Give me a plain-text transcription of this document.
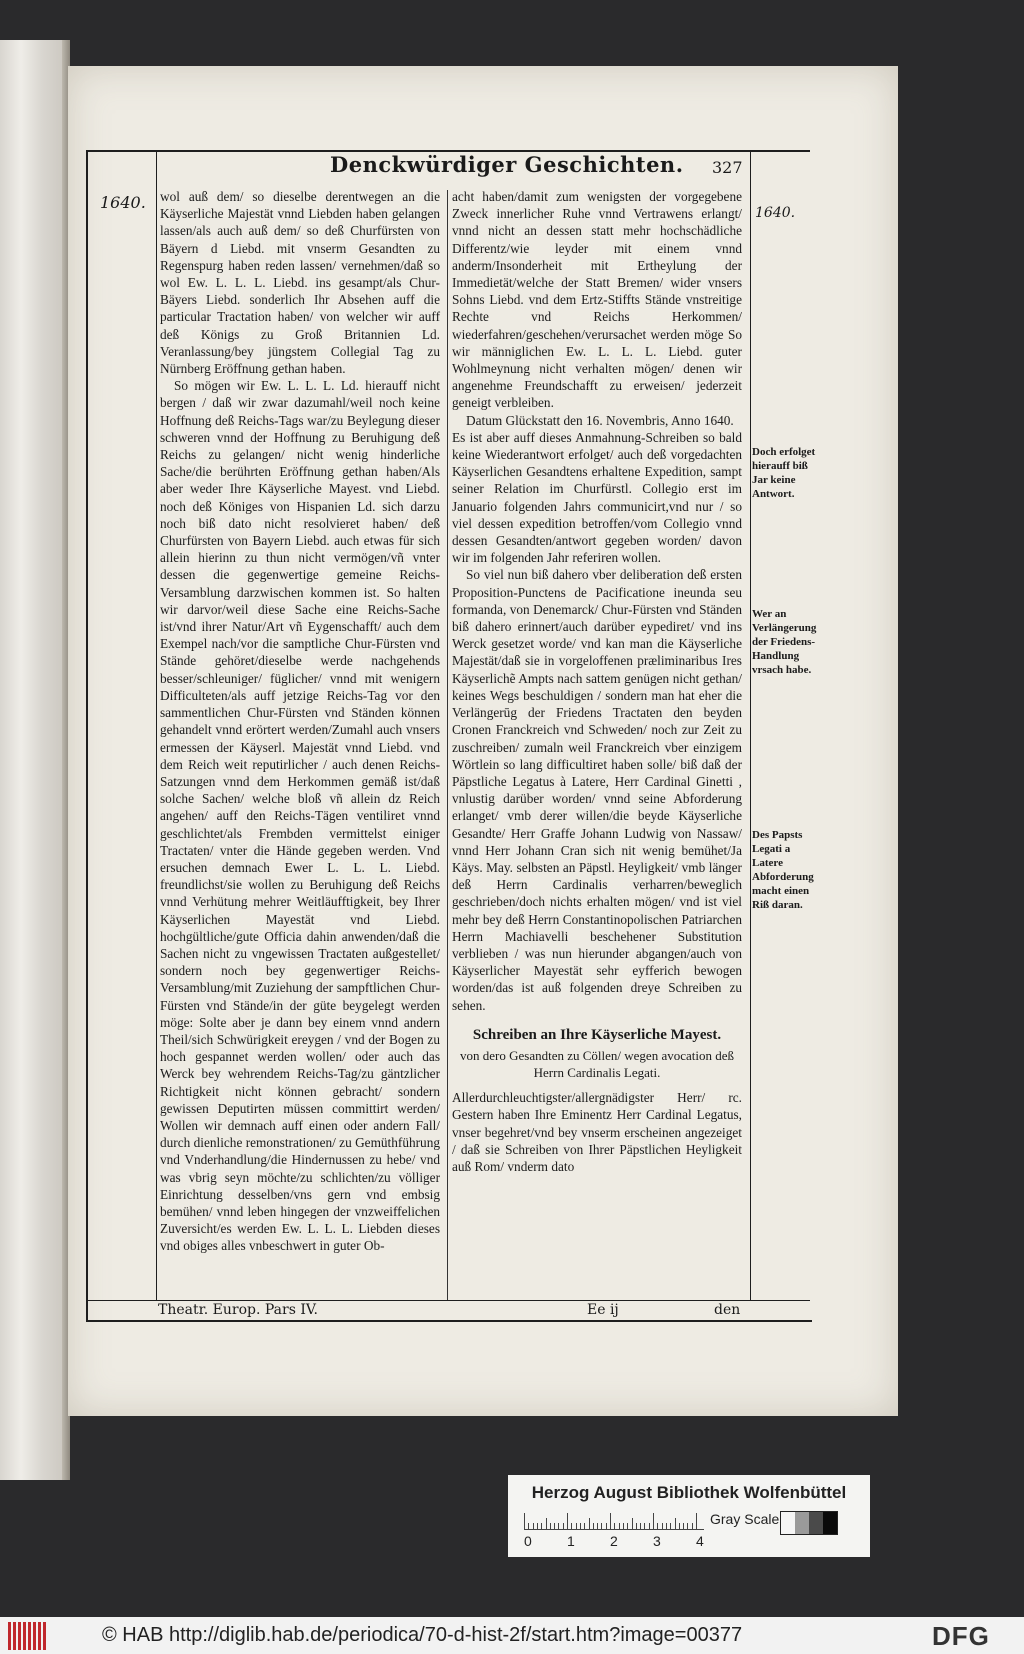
Denckwürdiger Geschichten. 327
1640.
1640.

wol auß dem/ so dieselbe derentwegen an die Käyserliche Majestät vnnd Liebden haben gelangen lassen/als auch auß dem/ so deß Churfürsten von Bäyern d Liebd. mit vnserm Gesandten zu Regenspurg haben reden lassen/ vernehmen/daß so wol Ew. L. L. L. Liebd. ins gesampt/als Chur-Bäyers Liebd. sonderlich Ihr Absehen auff die particular Tractation haben/ von welcher wir auff deß Königs zu Groß Britannien Ld. Veranlassung/bey jüngstem Collegial Tag zu Nürnberg Eröffnung gethan haben.

So mögen wir Ew. L. L. L. Ld. hierauff nicht bergen / daß wir zwar dazumahl/weil noch keine Hoffnung deß Reichs-Tags war/zu Beylegung dieser schweren vnnd der Hoffnung zu Beruhigung deß Reichs zu gelangen/ nicht wenig hinderliche Sache/die berührten Eröffnung gethan haben/Als aber weder Ihre Käyserliche Mayest. vnd Liebd. noch deß Königes von Hispanien Ld. sich darzu noch biß dato nicht resolvieret haben/ deß Churfürsten von Bayern Liebd. auch etwas für sich allein hierinn zu thun nicht vermögen/vñ vnter dessen die gegenwertige gemeine Reichs-Versamblung darzwischen kommen ist. So halten wir darvor/weil diese Sache eine Reichs-Sache ist/vnd ihrer Natur/Art vñ Eygenschafft/ auch dem Exempel nach/vor die samptliche Chur-Fürsten vnd Stände gehöret/dieselbe werde nachgehends besser/schleuniger/ füglicher/ vnnd mit wenigern Difficulteten/als auff jetzige Reichs-Tag vor den sammentlichen Chur-Fürsten vnd Ständen können gehandelt vnnd erörtert werden/Zumahl auch vnsers ermessen der Käyserl. Majestät vnnd Liebd. vnd dem Reich weit reputirlicher / auch denen Reichs-Satzungen vnnd dem Herkommen gemäß ist/daß solche Sachen/ welche bloß vñ allein dz Reich angehen/ auff den Reichs-Tägen ventiliret vnnd geschlichtet/als Frembden vermittelst einiger Tractaten/ vnter die Hände gegeben werden. Vnd ersuchen demnach Ewer L. L. L. Liebd. freundlichst/sie wollen zu Beruhigung deß Reichs vnnd Verhütung mehrer Weitläufftigkeit, bey Ihrer Käyserlichen Mayestät vnd Liebd. hochgültliche/gute Officia dahin anwenden/daß die Sachen nicht zu vngewissen Tractaten außgestellet/ sondern noch bey gegenwertiger Reichs-Versamblung/mit Zuziehung der sampftlichen Chur-Fürsten vnd Stände/in der güte beygelegt werden möge: Solte aber je dann bey einem vnnd andern Theil/sich Schwürigkeit ereygen / vnd der Bogen zu hoch gespannet werden wollen/ oder auch das Werck bey wehrendem Reichs-Tag/zu gäntzlicher Richtigkeit nicht können gebracht/ sondern gewissen Deputirten müssen committirt werden/ Wollen wir demnach auff einen oder andern Fall/ durch dienliche remonstrationen/ zu Gemüthführung vnd Vnderhandlung/die Hindernussen zu hebe/ vnd was vbrig seyn möchte/zu schlichten/zu völliger Einrichtung desselben/vns gern vnd embsig bemühen/ vnnd leben hingegen der vnzweiffelichen Zuversicht/es werden Ew. L. L. L. Liebden dieses vnd obiges alles vnbeschwert in guter Ob-

acht haben/damit zum wenigsten der vorgegebene Zweck innerlicher Ruhe vnnd Vertrawens erlangt/ vnnd nicht an dessen statt mehr hochschädliche Differentz/wie leyder mit einem vnnd anderm/Insonderheit mit Ertheylung der Immedietät/welche der Statt Bremen/ wider vnsers Sohns Liebd. vnd dem Ertz-Stiffts Stände vnstreitige Rechte vnd Reichs Herkommen/ wiederfahren/geschehen/verursachet werden möge So wir männiglichen Ew. L. L. L. Liebd. guter Wohlmeynung nicht verhalten mögen/ denen wir angenehme Freundschafft zu erweisen/ jederzeit geneigt verbleiben.

Datum Glückstatt den 16. Novembris, Anno 1640.

Es ist aber auff dieses Anmahnung-Schreiben so bald keine Wiederantwort erfolget/ auch deß vorgedachten Käyserlichen Gesandtens erhaltene Expedition, sampt seiner Relation im Churfürstl. Collegio erst im Januario folgenden Jahrs communicirt,vnd nur / so viel dessen expedition betroffen/vom Collegio vnnd dessen Gesandten/antwort gegeben worden/ davon wir im folgenden Jahr referiren wollen.

So viel nun biß dahero vber deliberation deß ersten Proposition-Punctens de Pacificatione ineunda seu formanda, von Denemarck/ Chur-Fürsten vnd Ständen biß dahero erinnert/auch darüber eypediret/ vnd ins Werck gesetzet worde/ vnd kan man die Käyserliche Majestät/daß sie in vorgeloffenen præliminaribus Ires Käyserlichẽ Ampts nach sattem genügen nicht gethan/ keines Wegs beschuldigen / sondern man hat eher die Verlängerūg der Friedens Tractaten den beyden Cronen Franckreich vnd Schweden/ noch zur Zeit zu zuschreiben/ zumaln weil Franckreich vber einzigem Wörtlein so lang difficultiret haben solle/ biß daß der Päpstliche Legatus à Latere, Herr Cardinal Ginetti , vnlustig darüber worden/ vnnd seine Abforderung erlanget/ vmb derer willen/die beyde Käyserliche Gesandte/ Herr Graffe Johann Ludwig von Nassaw/ vnnd Herr Johann Cran sich nit wenig bemühet/Ja Käys. May. selbsten an Päpstl. Heyligkeit/ vmb länger deß Herrn Cardinalis verharren/beweglich geschrieben/doch nichts erhalten mögen/ vnd ist viel mehr bey deß Herrn Constantinopolischen Patriarchen Herrn Machiavelli beschehener Substitution verblieben / was nun hierunder abgangen/auch von Käyserlicher Mayestät sehr eyfferich bewogen worden/das ist auß folgenden dreye Schreiben zu sehen.

Schreiben an Ihre Käyserliche Mayest.

von dero Gesandten zu Cöllen/ wegen avocation deß Herrn Cardinalis Legati.

Allerdurchleuchtigster/allergnädigster Herr/ rc. Gestern haben Ihre Eminentz Herr Cardinal Legatus, vnser begehret/vnd bey vnserm erscheinen angezeiget / daß sie Schreiben von Ihrer Päpstlichen Heyligkeit auß Rom/ vnderm dato

Doch erfolget hierauff biß Jar keine Antwort.
Wer an Verlängerung der Friedens-Handlung vrsach habe.
Des Papsts Legati a Latere Abforderung macht einen Riß daran.
Theatr. Europ. Pars IV.	Ee ij	den
Herzog August Bibliothek Wolfenbüttel
0	1	2	3	4
Gray Scale
© HAB http://diglib.hab.de/periodica/70-d-hist-2f/start.htm?image=00377	DFG
